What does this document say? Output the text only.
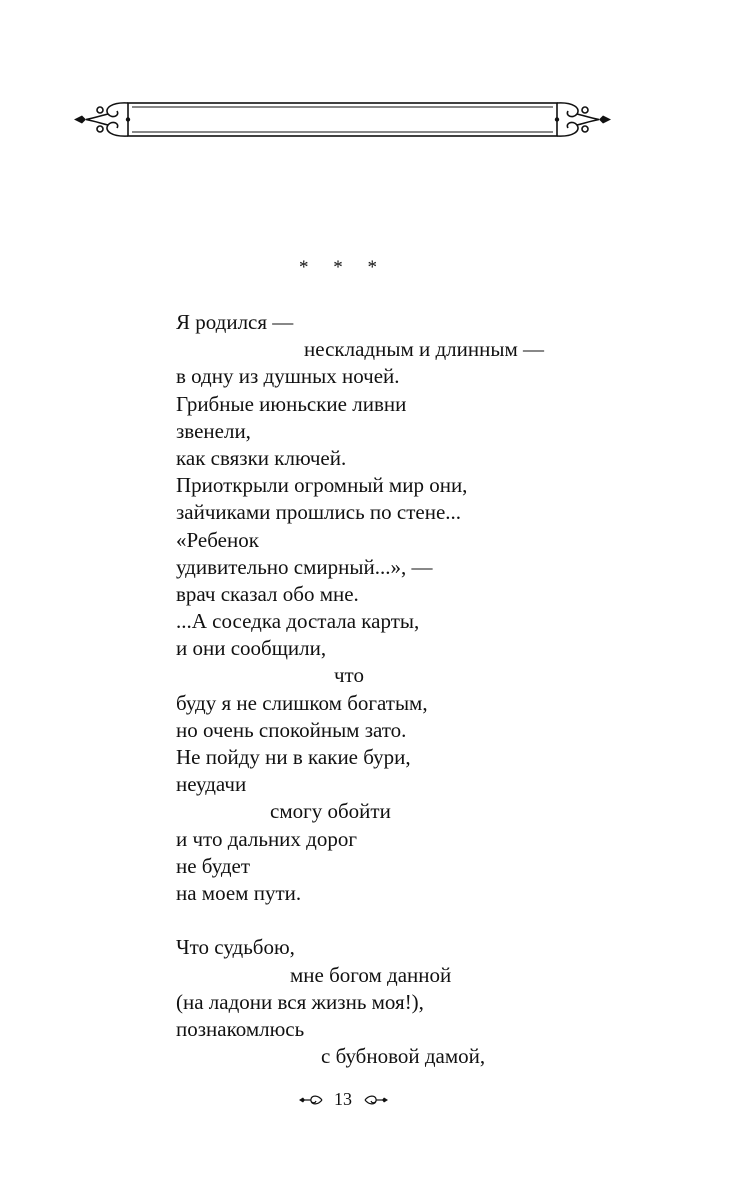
* * *
Я родился —
нескладным и длинным —
в одну из душных ночей.
Грибные июньские ливни
звенели,
как связки ключей.
Приоткрыли огромный мир они,
зайчиками прошлись по стене...
«Ребенок
удивительно смирный...», —
врач сказал обо мне.
...А соседка достала карты,
и они сообщили,
что
буду я не слишком богатым,
но очень спокойным зато.
Не пойду ни в какие бури,
неудачи
смогу обойти
и что дальних дорог
не будет
на моем пути.
Что судьбою,
мне богом данной
(на ладони вся жизнь моя!),
познакомлюсь
с бубновой дамой,
13
